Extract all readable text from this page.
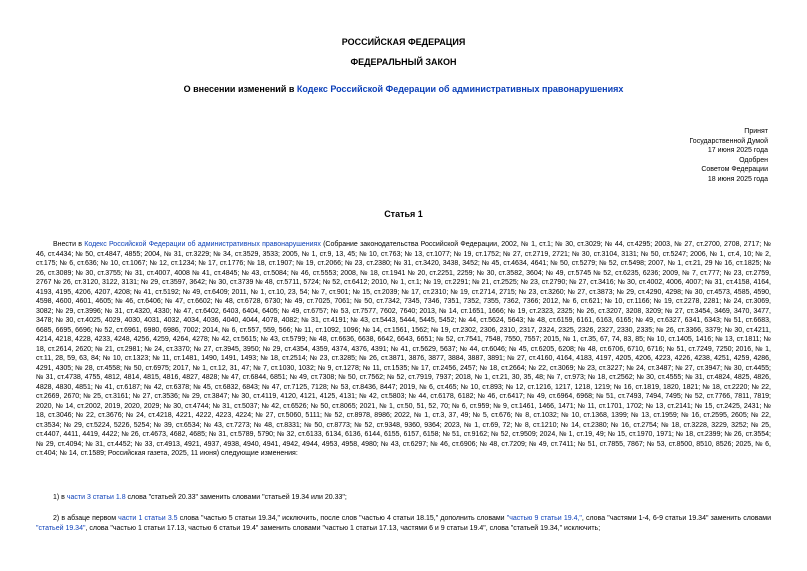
РОССИЙСКАЯ ФЕДЕРАЦИЯ
ФЕДЕРАЛЬНЫЙ ЗАКОН
О внесении изменений в Кодекс Российской Федерации об административных правонарушениях
Принят
Государственной Думой
17 июня 2025 года
Одобрен
Советом Федерации
18 июня 2025 года
Статья 1

Внести в Кодекс Российской Федерации об административных правонарушениях (Собрание законодательства Российской Федерации, 2002, № 1, ст.1; № 30, ст.3029; № 44, ст.4295; 2003, № 27, ст.2700, 2708, 2717; № 46, ст.4434; № 50, ст.4847, 4855; 2004, № 31, ст.3229; № 34, ст.3529, 3533; 2005, № 1, ст.9, 13, 45; № 10, ст.763; № 13, ст.1077; № 19, ст.1752; № 27, ст.2719, 2721; № 30, ст.3104, 3131; № 50, ст.5247; 2006, № 1, ст.4, 10; № 2, ст.175; № 6, ст.636; № 10, ст.1067; № 12, ст.1234; № 17, ст.1776; № 18, ст.1907; № 19, ст.2066; № 23, ст.2380; № 31, ст.3420, 3438, 3452; № 45, ст.4634, 4641; № 50, ст.5279; № 52, ст.5498; 2007, № 1, ст.21, 29 № 16, ст.1825; № 26, ст.3089; № 30, ст.3755; № 31, ст.4007, 4008 № 41, ст.4845; № 43, ст.5084; № 46, ст.5553; 2008, № 18, ст.1941 № 20, ст.2251, 2259; № 30, ст.3582, 3604; № 49, ст.5745 № 52, ст.6235, 6236; 2009, № 7, ст.777; № 23, ст.2759, 2767 № 26, ст.3120, 3122, 3131; № 29, ст.3597, 3642; № 30, ст.3739 № 48, ст.5711, 5724; № 52, ст.6412; 2010, № 1, ст.1; № 19, ст.2291; № 21, ст.2525; № 23, ст.2790; № 27, ст.3416; № 30, ст.4002, 4006, 4007; № 31, ст.4158, 4164, 4193, 4195, 4206, 4207, 4208; № 41, ст.5192; № 49, ст.6409; 2011, № 1, ст.10, 23, 54; № 7, ст.901; № 15, ст.2039; № 17, ст.2310; № 19, ст.2714, 2715; № 23, ст.3260; № 27, ст.3873; № 29, ст.4290, 4298; № 30, ст.4573, 4585, 4590, 4598, 4600, 4601, 4605; № 46, ст.6406; № 47, ст.6602; № 48, ст.6728, 6730; № 49, ст.7025, 7061; № 50, ст.7342, 7345, 7346, 7351, 7352, 7355, 7362, 7366; 2012, № 6, ст.621; № 10, ст.1166; № 19, ст.2278, 2281; № 24, ст.3069, 3082; № 29, ст.3996; № 31, ст.4320, 4330; № 47, ст.6402, 6403, 6404, 6405; № 49, ст.6757; № 53, ст.7577, 7602, 7640; 2013, № 14, ст.1651, 1666; № 19, ст.2323, 2325; № 26, ст.3207, 3208, 3209; № 27, ст.3454, 3469, 3470, 3477, 3478; № 30, ст.4025, 4029, 4030, 4031, 4032, 4034, 4036, 4040, 4044, 4078, 4082; № 31, ст.4191; № 43, ст.5443, 5444, 5445, 5452; № 44, ст.5624, 5643; № 48, ст.6159, 6161, 6163, 6165; № 49, ст.6327, 6341, 6343; № 51, ст.6683, 6685, 6695, 6696; № 52, ст.6961, 6980, 6986, 7002; 2014, № 6, ст.557, 559, 566; № 11, ст.1092, 1096; № 14, ст.1561, 1562; № 19, ст.2302, 2306, 2310, 2317, 2324, 2325, 2326, 2327, 2330, 2335; № 26, ст.3366, 3379; № 30, ст.4211, 4214, 4218, 4228, 4233, 4248, 4256, 4259, 4264, 4278; № 42, ст.5615; № 43, ст.5799; № 48, ст.6636, 6638, 6642, 6643, 6651; № 52, ст.7541, 7548, 7550, 7557; 2015, № 1, ст.35, 67, 74, 83, 85; № 10, ст.1405, 1416; № 13, ст.1811; № 18, ст.2614, 2620; № 21, ст.2981; № 24, ст.3370; № 27, ст.3945, 3950; № 29, ст.4354, 4359, 4374, 4376, 4391; № 41, ст.5629, 5637; № 44, ст.6046; № 45, ст.6205, 6208; № 48, ст.6706, 6710, 6716; № 51, ст.7249, 7250; 2016, № 1, ст.11, 28, 59, 63, 84; № 10, ст.1323; № 11, ст.1481, 1490, 1491, 1493; № 18, ст.2514; № 23, ст.3285; № 26, ст.3871, 3876, 3877, 3884, 3887, 3891; № 27, ст.4160, 4164, 4183, 4197, 4205, 4206, 4223, 4226, 4238, 4251, 4259, 4286, 4291, 4305; № 28, ст.4558; № 50, ст.6975; 2017, № 1, ст.12, 31, 47; № 7, ст.1030, 1032; № 9, ст.1278; № 11, ст.1535; № 17, ст.2456, 2457; № 18, ст.2664; № 22, ст.3069; № 23, ст.3227; № 24, ст.3487; № 27, ст.3947; № 30, ст.4455; № 31, ст.4738, 4755, 4812, 4814, 4815, 4816, 4827, 4828; № 47, ст.6844, 6851; № 49, ст.7308; № 50, ст.7562; № 52, ст.7919, 7937; 2018, № 1, ст.21, 30, 35, 48; № 7, ст.973; № 18, ст.2562; № 30, ст.4555; № 31, ст.4824, 4825, 4826, 4828, 4830, 4851; № 41, ст.6187; № 42, ст.6378; № 45, ст.6832, 6843; № 47, ст.7125, 7128; № 53, ст.8436, 8447; 2019, № 6, ст.465; № 10, ст.893; № 12, ст.1216, 1217, 1218, 1219; № 16, ст.1819, 1820, 1821; № 18, ст.2220; № 22, ст.2669, 2670; № 25, ст.3161; № 27, ст.3536; № 29, ст.3847; № 30, ст.4119, 4120, 4121, 4125, 4131; № 42, ст.5803; № 44, ст.6178, 6182; № 46, ст.6417; № 49, ст.6964, 6968; № 51, ст.7493, 7494, 7495; № 52, ст.7766, 7811, 7819; 2020, № 14, ст.2002, 2019, 2020, 2029; № 30, ст.4744; № 31, ст.5037; № 42, ст.6526; № 50, ст.8065; 2021, № 1, ст.50, 51, 52, 70; № 6, ст.959; № 9, ст.1461, 1466, 1471; № 11, ст.1701, 1702; № 13, ст.2141; № 15, ст.2425, 2431; № 18, ст.3046; № 22, ст.3676; № 24, ст.4218, 4221, 4222, 4223, 4224; № 27, ст.5060, 5111; № 52, ст.8978, 8986; 2022, № 1, ст.3, 37, 49; № 5, ст.676; № 8, ст.1032; № 10, ст.1368, 1399; № 13, ст.1959; № 16, ст.2595, 2605; № 22, ст.3534; № 29, ст.5224, 5226, 5254; № 39, ст.6534; № 43, ст.7273; № 48, ст.8331; № 50, ст.8773; № 52, ст.9348, 9360, 9364; 2023, № 1, ст.69, 72; № 8, ст.1210; № 14, ст.2380; № 16, ст.2754; № 18, ст.3228, 3229, 3252; № 25, ст.4407, 4411, 4419, 4422; № 26, ст.4673, 4682, 4685; № 31, ст.5789, 5790; № 32, ст.6133, 6134, 6136, 6144, 6155, 6157, 6158; № 51, ст.9162; № 52, ст.9509; 2024, № 1, ст.19, 49; № 15, ст.1970, 1971; № 18, ст.2399; № 26, ст.3554; № 29, ст.4094; № 31, ст.4452; № 33, ст.4913, 4921, 4937, 4938, 4940, 4941, 4942, 4944, 4953, 4958, 4980; № 43, ст.6297; № 46, ст.6906; № 48, ст.7209; № 49, ст.7411; № 51, ст.7855, 7867; № 53, ст.8500, 8510, 8526; 2025, № 6, ст.404; № 14, ст.1589; Российская газета, 2025, 11 июня) следующие изменения:

1) в части 3 статьи 1.8 слова "статьей 20.33" заменить словами "статьей 19.34 или 20.33";

2) в абзаце первом части 1 статьи 3.5 слова "частью 5 статьи 19.34," исключить, после слов "частью 4 статьи 18.15," дополнить словами "частью 9 статьи 19.4,", слова "частями 1-4, 6-9 статьи 19.34" заменить словами "статьей 19.34", слова "частью 1 статьи 17.13, частью 6 статьи 19.4" заменить словами "частью 1 статьи 17.13, частями 6 и 9 статьи 19.4", слова "статьей 19.34," исключить;
